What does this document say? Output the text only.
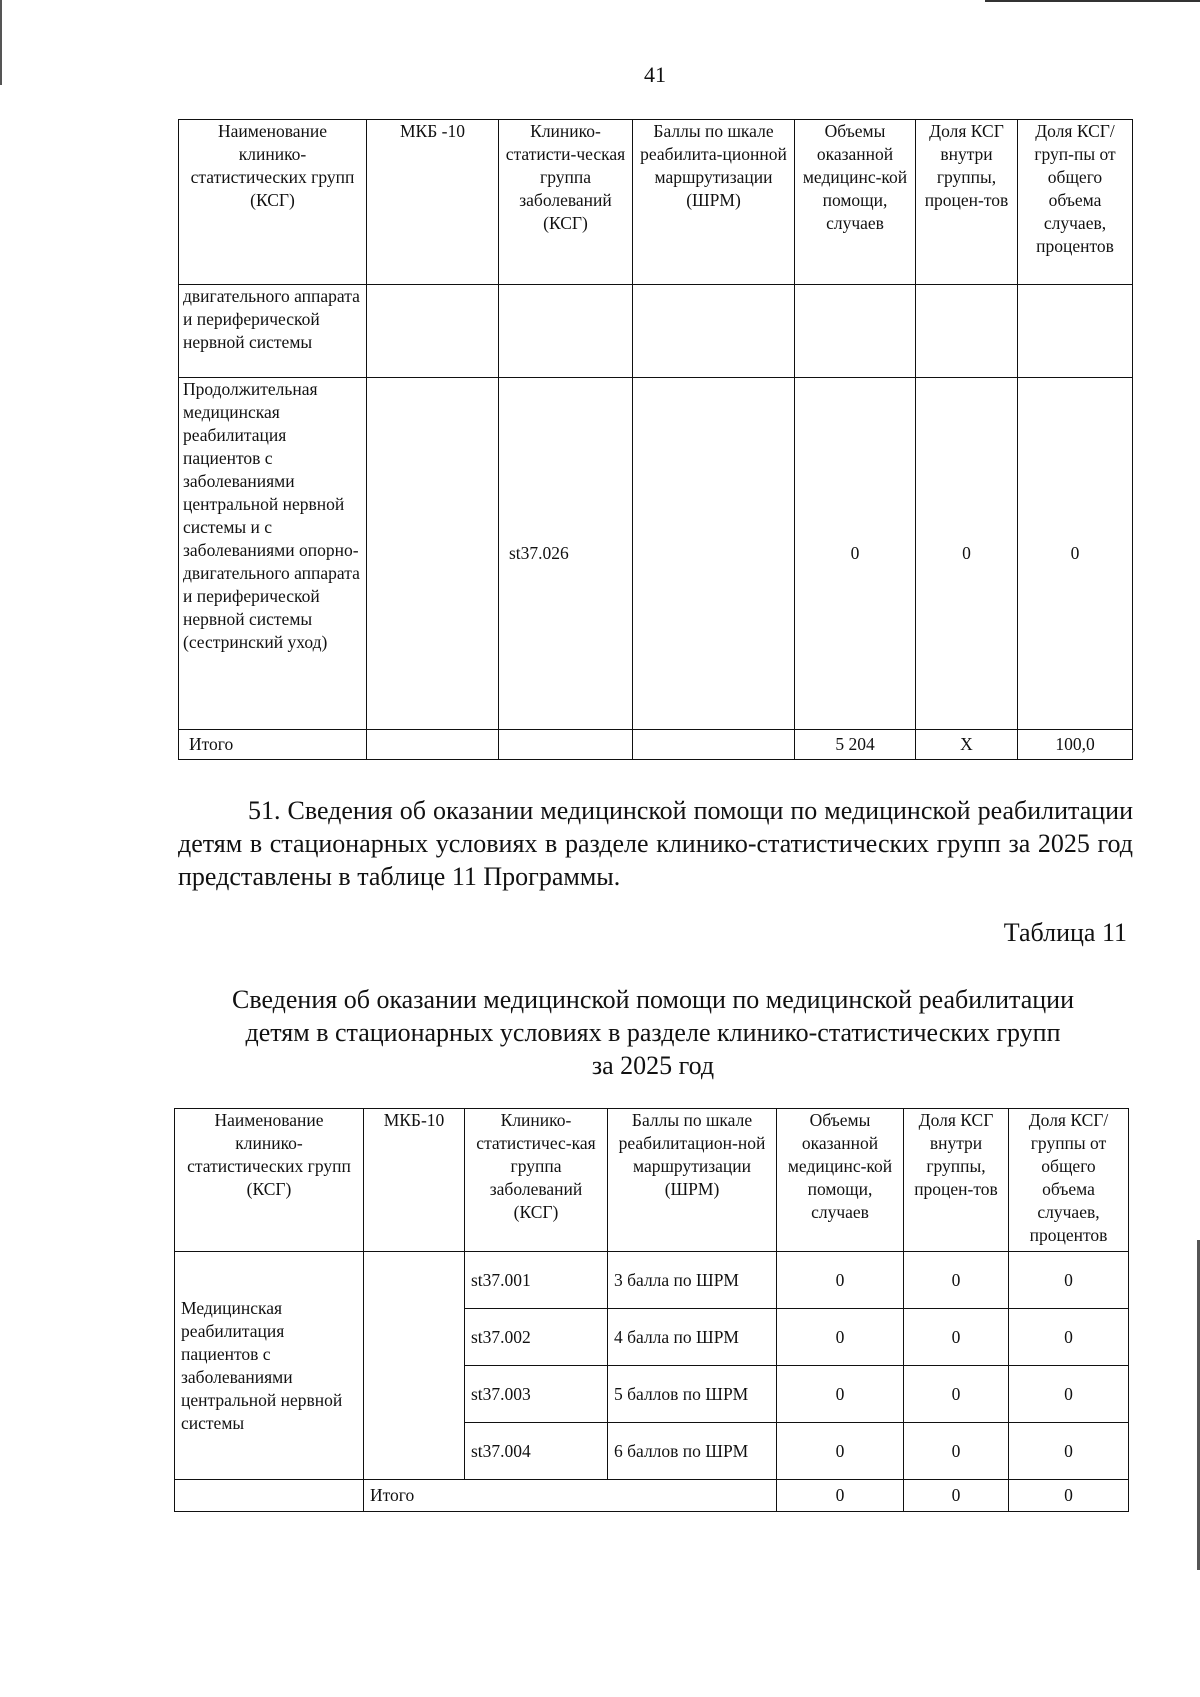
41
Наименование клинико-статистических групп (КСГ)	МКБ -10	Клинико-статисти-ческая группа заболеваний (КСГ)	Баллы по шкале реабилита-ционной маршрутизации (ШРМ)	Объемы оказанной медицинс-кой помощи, случаев	Доля КСГ внутри группы, процен-тов	Доля КСГ/груп-пы от общего объема случаев, процентов
двигательного аппарата и периферической нервной системы						
Продолжительная медицинская реабилитация пациентов с заболеваниями центральной нервной системы и с заболеваниями опорно-двигательного аппарата и периферической нервной системы (сестринский уход)		st37.026		0	0	0
Итого				5 204	Х	100,0
51. Сведения об оказании медицинской помощи по медицинской реабилитации детям в стационарных условиях в разделе клинико-статистических групп за 2025 год представлены в таблице 11 Программы.
Таблица 11
Сведения об оказании медицинской помощи по медицинской реабилитации
детям в стационарных условиях в разделе клинико-статистических групп
за 2025 год
Наименование клинико-статистических групп (КСГ)	МКБ-10	Клинико-статистичес-кая группа заболеваний (КСГ)	Баллы по шкале реабилитацион-ной маршрутизации (ШРМ)	Объемы оказанной медицинс-кой помощи, случаев	Доля КСГ внутри группы, процен-тов	Доля КСГ/ группы от общего объема случаев, процентов
Медицинская реабилитация пациентов с заболеваниями центральной нервной системы		st37.001	3 балла по ШРМ	0	0	0
		st37.002	4 балла по ШРМ	0	0	0
		st37.003	5 баллов по ШРМ	0	0	0
		st37.004	6 баллов по ШРМ	0	0	0
	Итого			0	0	0
